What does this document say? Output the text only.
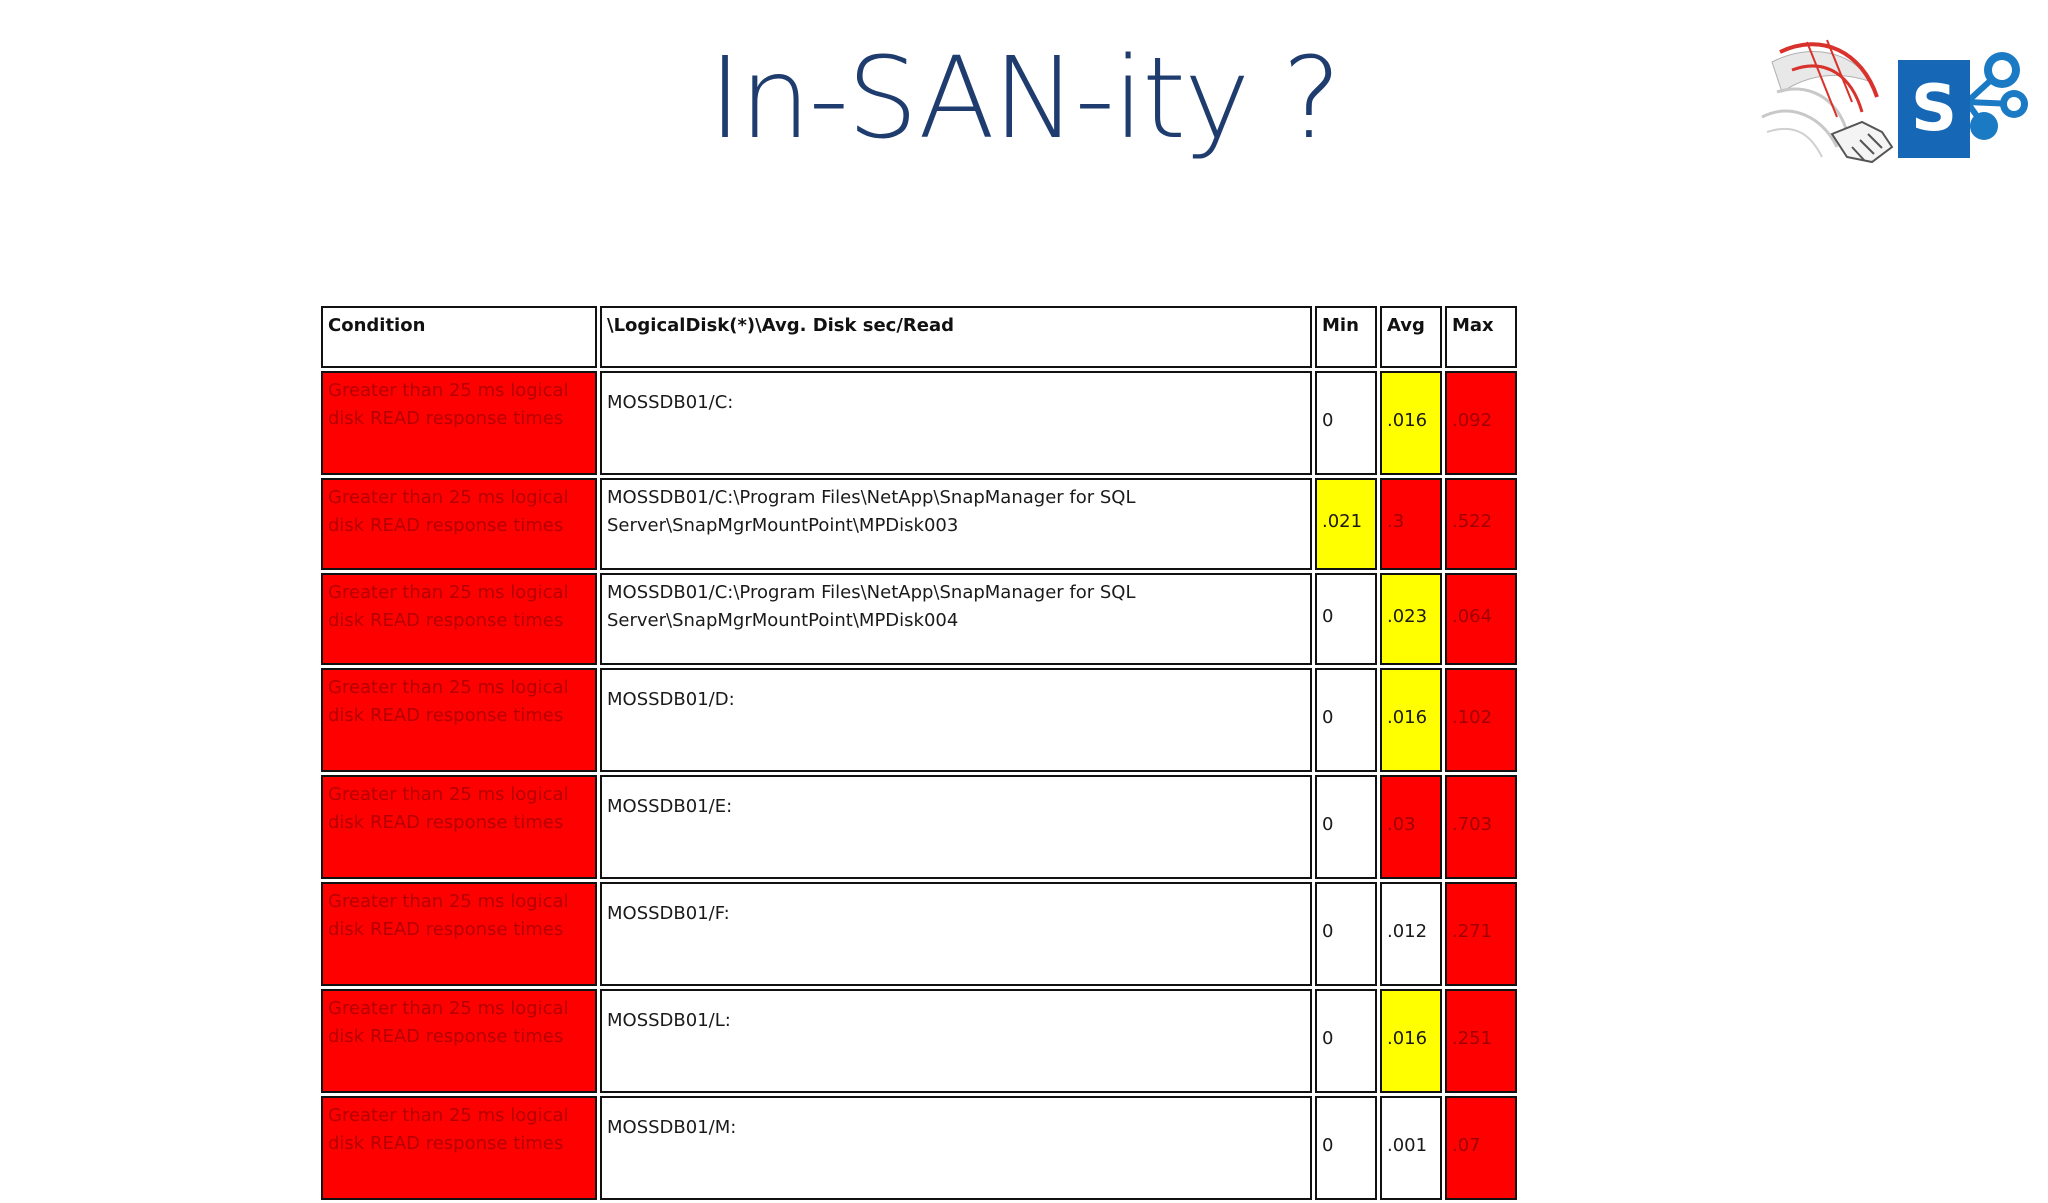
In-SAN-ity ?	S
Condition	\LogicalDisk(*)\Avg. Disk sec/Read	Min	Avg	Max
Greater than 25 ms logical disk READ response times	MOSSDB01/C:	0	.016	.092
Greater than 25 ms logical disk READ response times	MOSSDB01/C:\Program Files\NetApp\SnapManager for SQL Server\SnapMgrMountPoint\MPDisk003	.021	.3	.522
Greater than 25 ms logical disk READ response times	MOSSDB01/C:\Program Files\NetApp\SnapManager for SQL Server\SnapMgrMountPoint\MPDisk004	0	.023	.064
Greater than 25 ms logical disk READ response times	MOSSDB01/D:	0	.016	.102
Greater than 25 ms logical disk READ response times	MOSSDB01/E:	0	.03	.703
Greater than 25 ms logical disk READ response times	MOSSDB01/F:	0	.012	.271
Greater than 25 ms logical disk READ response times	MOSSDB01/L:	0	.016	.251
Greater than 25 ms logical disk READ response times	MOSSDB01/M:	0	.001	.07
